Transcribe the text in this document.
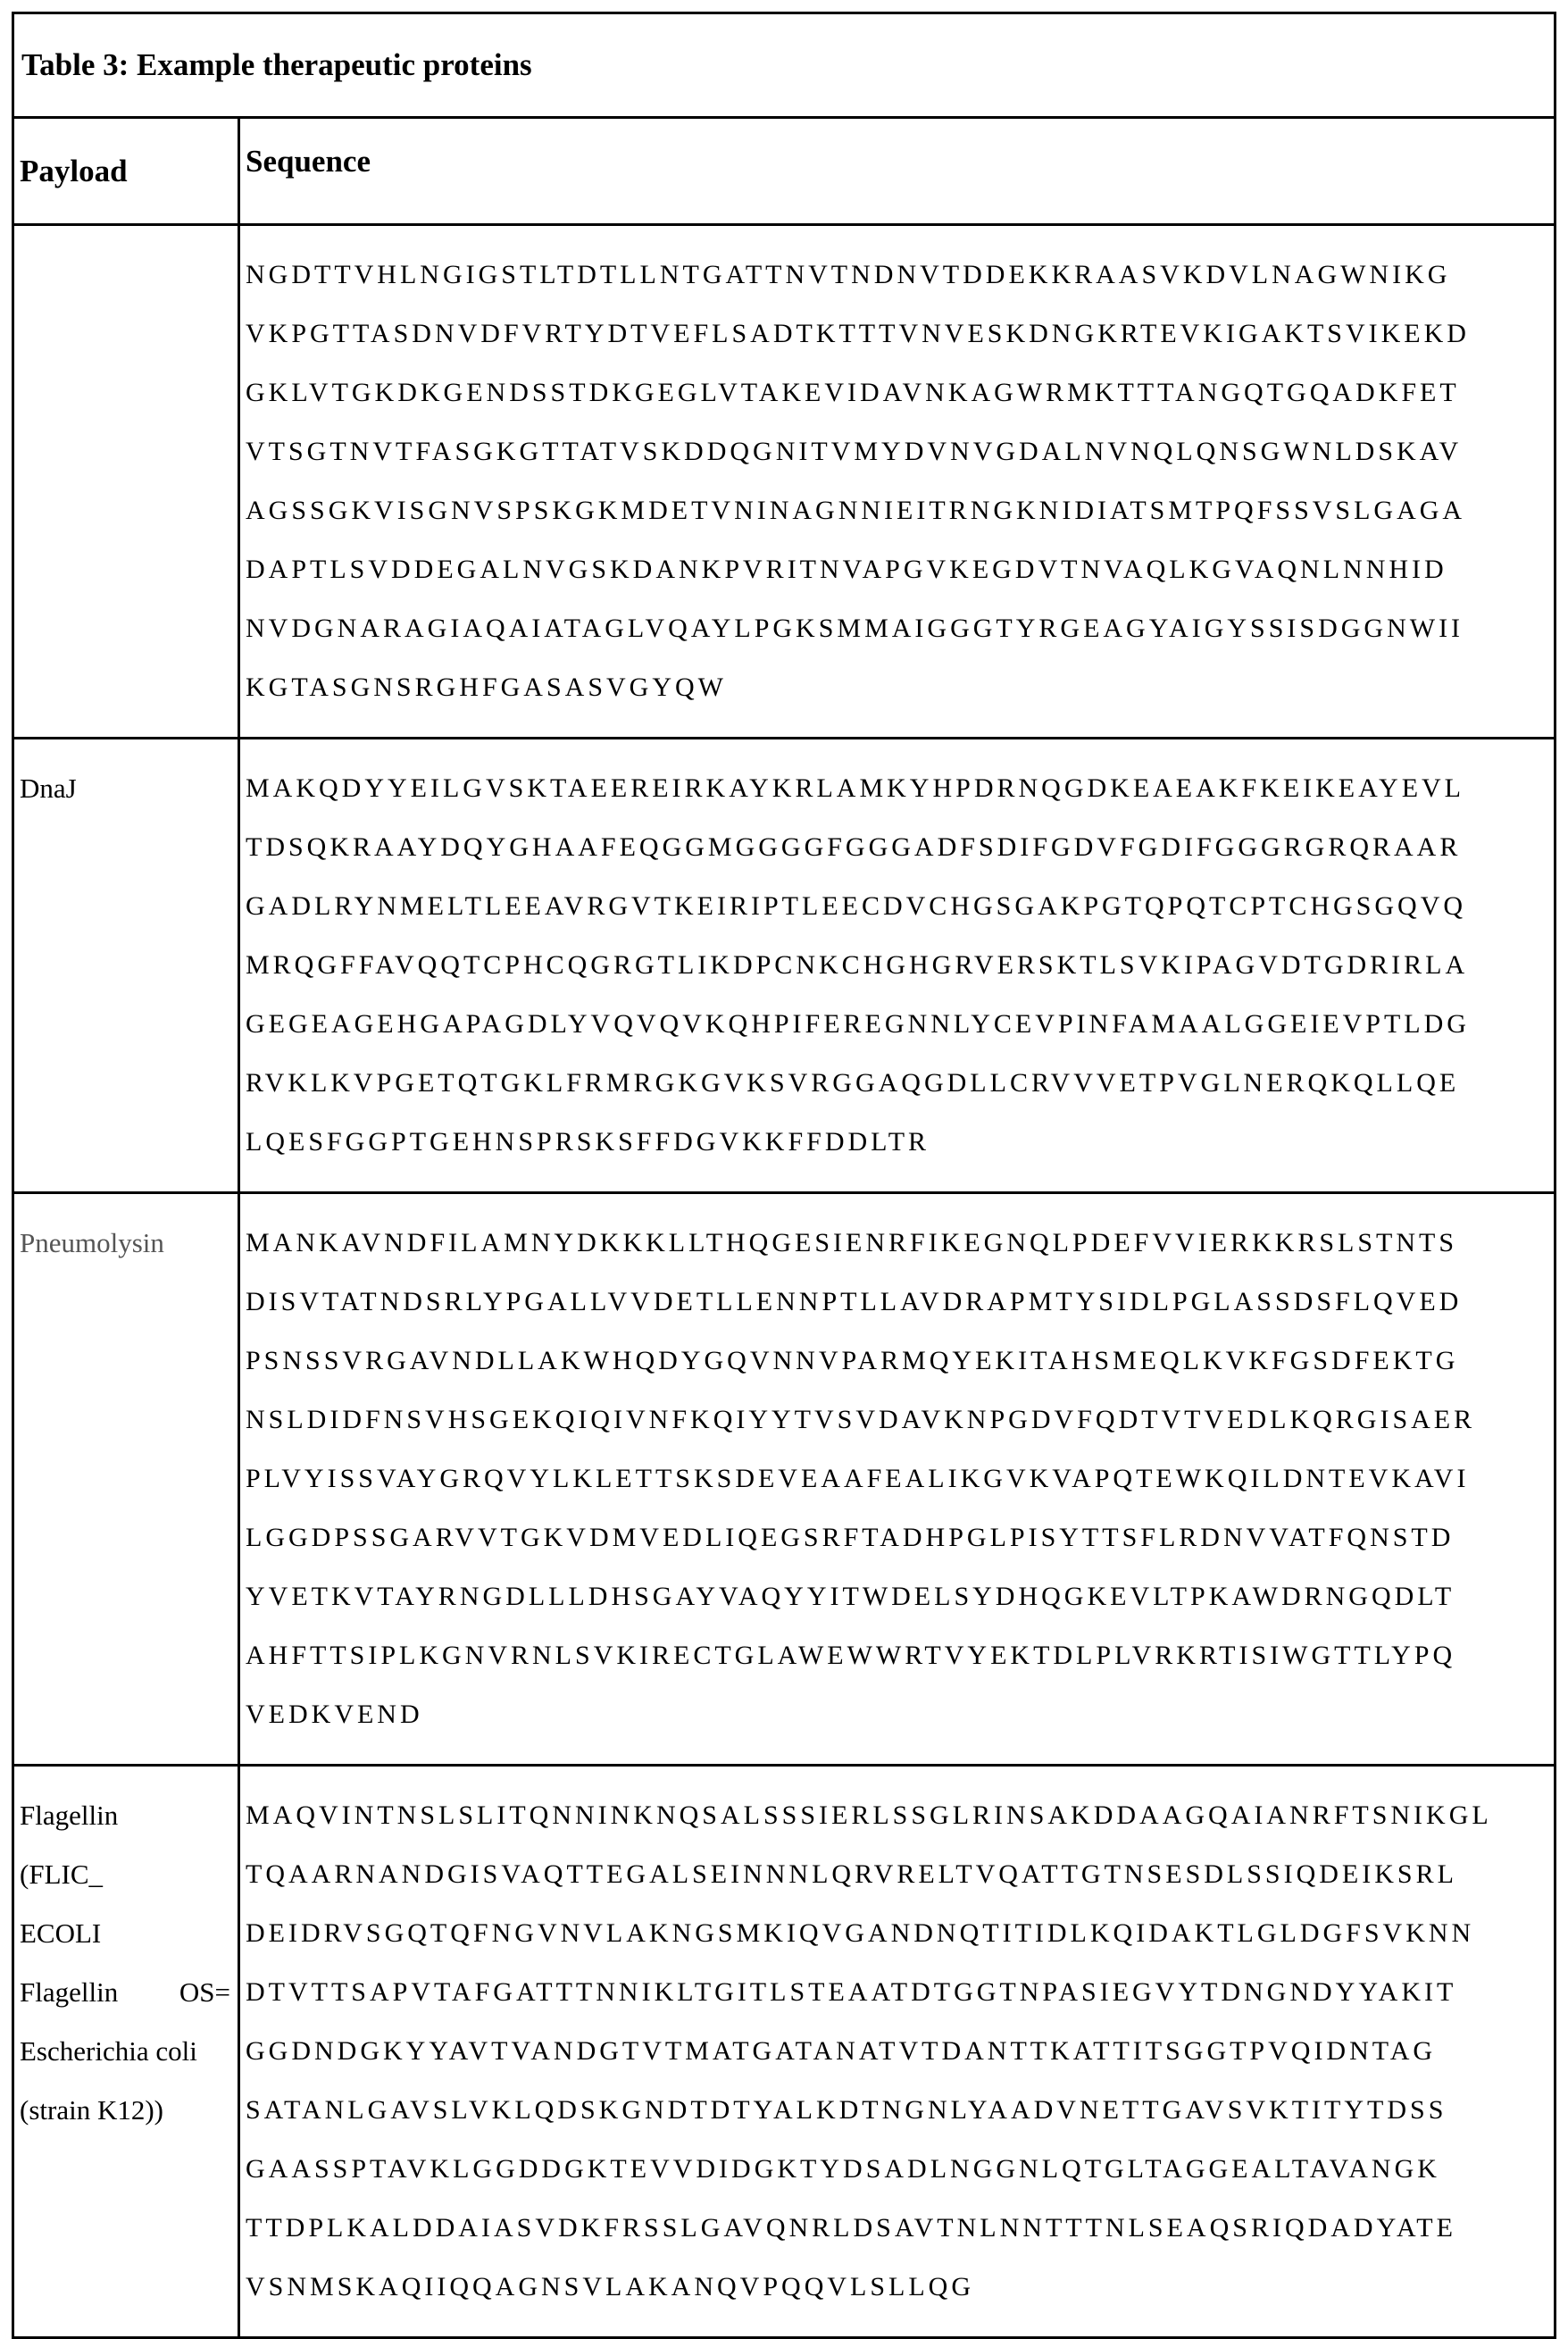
Table 3: Example therapeutic proteins
Payload	Sequence
NGDTTVHLNGIGSTLTDTLLNTGATTNVTNDNVTDDEKKRAASVKDVLNAGWNIKG
VKPGTTASDNVDFVRTYDTVEFLSADTKTTTVNVESKDNGKRTEVKIGAKTSVIKEKD
GKLVTGKDKGENDSSTDKGEGLVTAKEVIDAVNKAGWRMKTTTANGQTGQADKFET
VTSGTNVTFASGKGTTATVSKDDQGNITVMYDVNVGDALNVNQLQNSGWNLDSKAV
AGSSGKVISGNVSPSKGKMDETVNINAGNNIEITRNGKNIDIATSMTPQFSSVSLGAGA
DAPTLSVDDEGALNVGSKDANKPVRITNVAPGVKEGDVTNVAQLKGVAQNLNNHID
NVDGNARAGIAQAIATAGLVQAYLPGKSMMAIGGGTYRGEAGYAIGYSSISDGGNWII
KGTASGNSRGHFGASASVGYQW
DnaJ	MAKQDYYEILGVSKTAEEREIRKAYKRLAMKYHPDRNQGDKEAEAKFKEIKEAYEVL
TDSQKRAAYDQYGHAAFEQGGMGGGGFGGGADFSDIFGDVFGDIFGGGRGRQRAAR
GADLRYNMELTLEEAVRGVTKEIRIPTLEECDVCHGSGAKPGTQPQTCPTCHGSGQVQ
MRQGFFAVQQTCPHCQGRGTLIKDPCNKCHGHGRVERSKTLSVKIPAGVDTGDRIRLA
GEGEAGEHGAPAGDLYVQVQVKQHPIFEREGNNLYCEVPINFAMAALGGEIEVPTLDG
RVKLKVPGETQTGKLFRMRGKGVKSVRGGAQGDLLCRVVVETPVGLNERQKQLLQE
LQESFGGPTGEHNSPRSKSFFDGVKKFFDDLTR
Pneumolysin	MANKAVNDFILAMNYDKKKLLTHQGESIENRFIKEGNQLPDEFVVIERKKRSLSTNTS
DISVTATNDSRLYPGALLVVDETLLENNPTLLAVDRAPMTYSIDLPGLASSDSFLQVED
PSNSSVRGAVNDLLAKWHQDYGQVNNVPARMQYEKITAHSMEQLKVKFGSDFEKTG
NSLDIDFNSVHSGEKQIQIVNFKQIYYTVSVDAVKNPGDVFQDTVTVEDLKQRGISAER
PLVYISSVAYGRQVYLKLETTSKSDEVEAAFEALIKGVKVAPQTEWKQILDNTEVKAVI
LGGDPSSGARVVTGKVDMVEDLIQEGSRFTADHPGLPISYTTSFLRDNVVATFQNSTD
YVETKVTAYRNGDLLLDHSGAYVAQYYITWDELSYDHQGKEVLTPKAWDRNGQDLT
AHFTTSIPLKGNVRNLSVKIRECTGLAWEWWRTVYEKTDLPLVRKRTISIWGTTLYPQ
VEDKVEND
Flagellin
(FLIC_
ECOLI
Flagellin OS=
Escherichia coli
(strain K12))
MAQVINTNSLSLITQNNINKNQSALSSSIERLSSGLRINSAKDDAAGQAIANRFTSNIKGL
TQAARNANDGISVAQTTEGALSEINNNLQRVRELTVQATTGTNSESDLSSIQDEIKSRL
DEIDRVSGQTQFNGVNVLAKNGSMKIQVGANDNQTITIDLKQIDAKTLGLDGFSVKNN
DTVTTSAPVTAFGATTTNNIKLTGITLSTEAATDTGGTNPASIEGVYTDNGNDYYAKIT
GGDNDGKYYAVTVANDGTVTMATGATANATVTDANTTKATTITSGGTPVQIDNTAG
SATANLGAVSLVKLQDSKGNDTDTYALKDTNGNLYAADVNETTGAVSVKTITYTDSS
GAASSPTAVKLGGDDGKTEVVDIDGKTYDSADLNGGNLQTGLTAGGEALTAVANGK
TTDPLKALDDAIASVDKFRSSLGAVQNRLDSAVTNLNNTTTNLSEAQSRIQDADYATE
VSNMSKAQIIQQAGNSVLAKANQVPQQVLSLLQG
